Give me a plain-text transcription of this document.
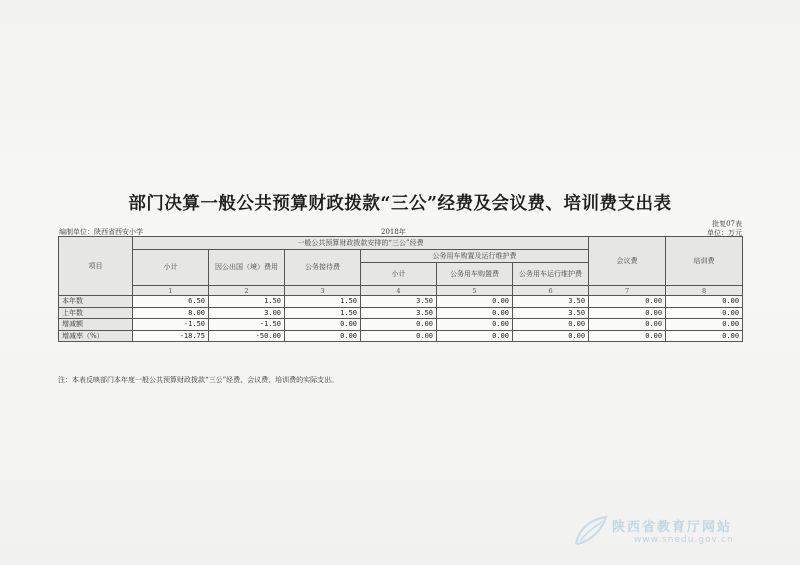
部门决算一般公共预算财政拨款“三公”经费及会议费、培训费支出表
批复07表
编制单位：陕西省西安小学	2018年	单位：万元
项目	一般公共预算财政拨款安排的“三公”经费						会议费	培训费
	小计	因公出国（境）费用	公务接待费	公务用车购置及运行维护费				
				小计	公务用车购置费	公务用车运行维护费		
	1	2	3	4	5	6	7	8
本年数	6.50	1.50	1.50	3.50	0.00	3.50	0.00	0.00
上年数	8.00	3.00	1.50	3.50	0.00	3.50	0.00	0.00
增减额	-1.50	-1.50	0.00	0.00	0.00	0.00	0.00	0.00
增减率（%）	-18.75	-50.00	0.00	0.00	0.00	0.00	0.00	0.00
注：本表反映部门本年度一般公共预算财政拨款“三公”经费、会议费、培训费的实际支出。
陕西省教育厅网站
www.snedu.gov.cn
